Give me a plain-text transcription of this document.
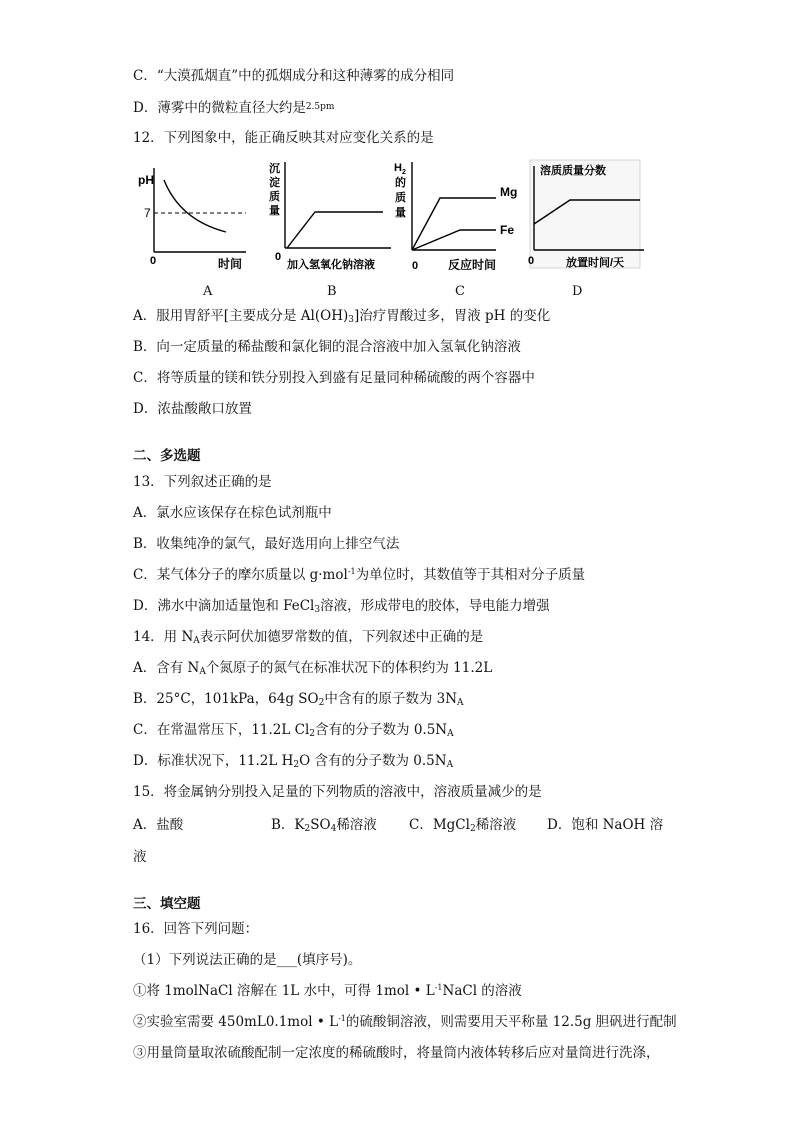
C．“大漠孤烟直”中的孤烟成分和这种薄雾的成分相同
D．薄雾中的微粒直径大约是$^{2.5pm}$
12．下列图象中，能正确反映其对应变化关系的是
pH
7
0	时间
沉 淀 质 量
0
加入氢氧化钠溶液
$H_2$ 的 质 量
Mg
Fe
0 反应时间
溶质质量分数
0	放置时间/天
A	B	C	D
A．服用胃舒平[主要成分是 $Al(OH)_3$]治疗胃酸过多，胃液 pH 的变化
B．向一定质量的稀盐酸和氯化铜的混合溶液中加入氢氧化钠溶液
C．将等质量的镁和铁分别投入到盛有足量同种稀硫酸的两个容器中
D．浓盐酸敞口放置
二、多选题
13．下列叙述正确的是
A．氯水应该保存在棕色试剂瓶中
B．收集纯净的氯气，最好选用向上排空气法
C．某气体分子的摩尔质量以 g·mol$^{-1}$为单位时，其数值等于其相对分子质量
D．沸水中滴加适量饱和 FeCl$_3$溶液，形成带电的胶体，导电能力增强
14．用 $N_A$表示阿伏加德罗常数的值，下列叙述中正确的是
A．含有 $N_A$个氮原子的氮气在标准状况下的体积约为 11.2L
B．25°C，101kPa，64g $SO_2$中含有的原子数为 $3N_A$
C．在常温常压下，11.2L $Cl_2$含有的分子数为 $0.5N_A$
D．标准状况下，11.2L $H_2O$ 含有的分子数为 $0.5N_A$
15．将金属钠分别投入足量的下列物质的溶液中，溶液质量减少的是
A．盐酸	B．$K_2SO_4$稀溶液 C．MgCl$_2$稀溶液 D．饱和 NaOH 溶
液
三、填空题
16．回答下列问题：
（1）下列说法正确的是___(填序号)。
①将 1molNaCl 溶解在 1L 水中，可得 1mol • $L^{-1}NaCl$ 的溶液
②实验室需要 450mL0.1mol • $L^{-1}$的硫酸铜溶液，则需要用天平称量 12.5g 胆矾进行配制
③用量筒量取浓硫酸配制一定浓度的稀硫酸时，将量筒内液体转移后应对量筒进行洗涤，
